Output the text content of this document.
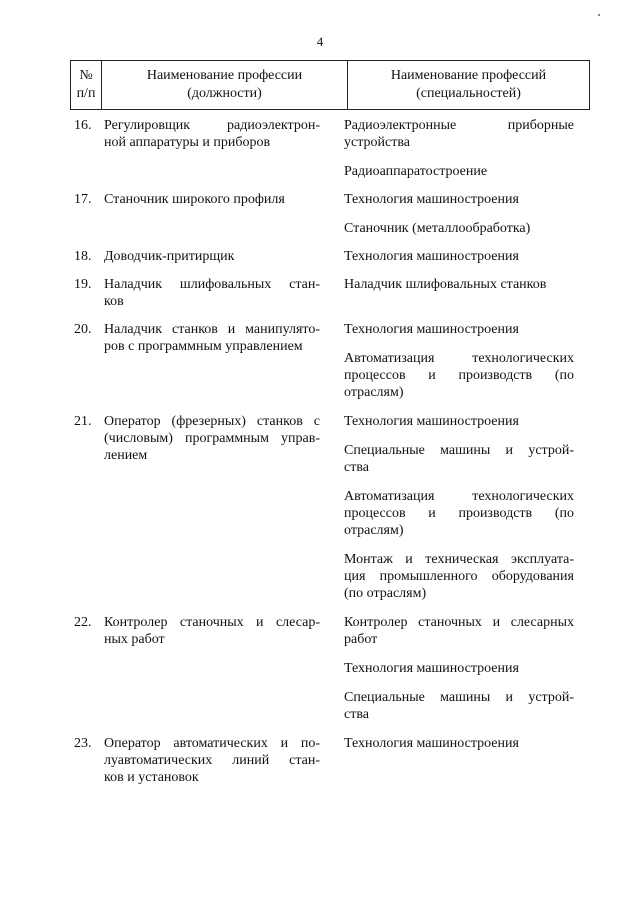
4
№
п/п
Наименование профессии
(должности)
Наименование профессий
(специальностей)
16. Регулировщик радиоэлектрон-
ной аппаратуры и приборов
Радиоэлектронные приборные
устройства
Радиоаппаратостроение
17. Станочник широкого профиля	Технология машиностроения
Станочник (металлообработка)
18. Доводчик-притирщик	Технология машиностроения
19. Наладчик шлифовальных стан-
ков
Наладчик шлифовальных станков
20. Наладчик станков и манипулято-
ров с программным управлением
Технология машиностроения
Автоматизация технологических
процессов и производств (по
отраслям)
21. Оператор (фрезерных) станков с
(числовым) программным управ-
лением
Технология машиностроения
Специальные машины и устрой-
ства
Автоматизация технологических
процессов и производств (по
отраслям)
Монтаж и техническая эксплуата-
ция промышленного оборудования
(по отраслям)
22. Контролер станочных и слесар-
ных работ
Контролер станочных и слесарных
работ
Технология машиностроения
Специальные машины и устрой-
ства
23. Оператор автоматических и по-
луавтоматических линий стан-
ков и установок
Технология машиностроения
